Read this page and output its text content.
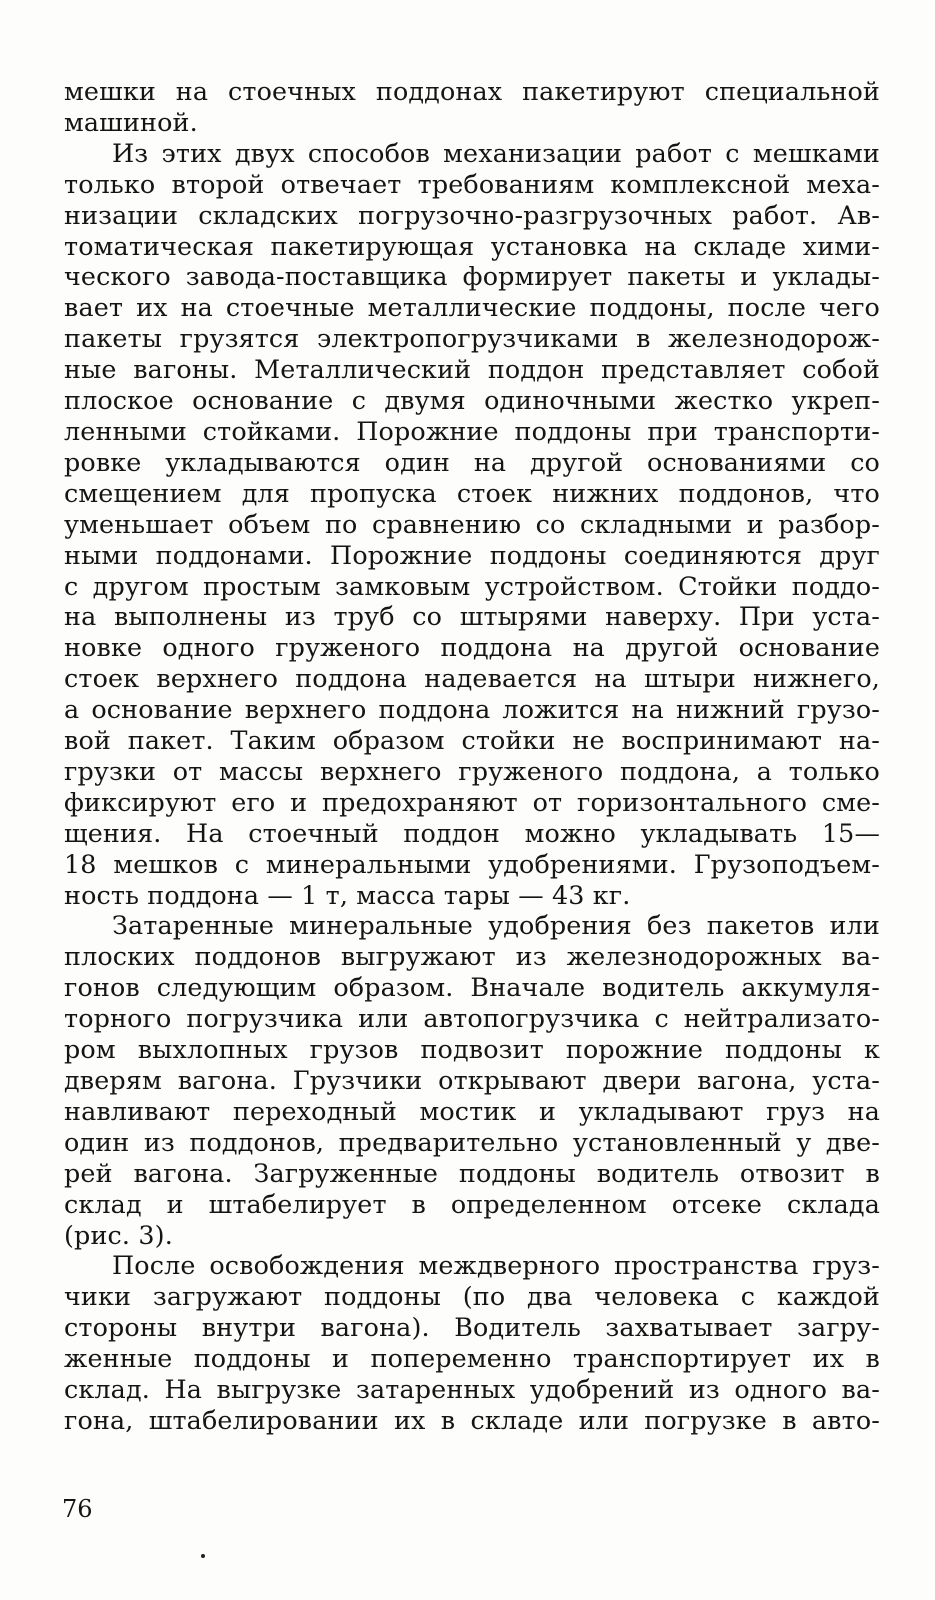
мешки на стоечных поддонах пакетируют специальной
машиной.
Из этих двух способов механизации работ с мешками
только второй отвечает требованиям комплексной меха-
низации складских погрузочно-разгрузочных работ. Ав-
томатическая пакетирующая установка на складе хими-
ческого завода-поставщика формирует пакеты и уклады-
вает их на стоечные металлические поддоны, после чего
пакеты грузятся электропогрузчиками в железнодорож-
ные вагоны. Металлический поддон представляет собой
плоское основание с двумя одиночными жестко укреп-
ленными стойками. Порожние поддоны при транспорти-
ровке укладываются один на другой основаниями со
смещением для пропуска стоек нижних поддонов, что
уменьшает объем по сравнению со складными и разбор-
ными поддонами. Порожние поддоны соединяются друг
с другом простым замковым устройством. Стойки поддо-
на выполнены из труб со штырями наверху. При уста-
новке одного груженого поддона на другой основание
стоек верхнего поддона надевается на штыри нижнего,
а основание верхнего поддона ложится на нижний грузо-
вой пакет. Таким образом стойки не воспринимают на-
грузки от массы верхнего груженого поддона, а только
фиксируют его и предохраняют от горизонтального сме-
щения. На стоечный поддон можно укладывать 15—
18 мешков с минеральными удобрениями. Грузоподъем-
ность поддона — 1 т, масса тары — 43 кг.
Затаренные минеральные удобрения без пакетов или
плоских поддонов выгружают из железнодорожных ва-
гонов следующим образом. Вначале водитель аккумуля-
торного погрузчика или автопогрузчика с нейтрализато-
ром выхлопных грузов подвозит порожние поддоны к
дверям вагона. Грузчики открывают двери вагона, уста-
навливают переходный мостик и укладывают груз на
один из поддонов, предварительно установленный у две-
рей вагона. Загруженные поддоны водитель отвозит в
склад и штабелирует в определенном отсеке склада
(рис. 3).
После освобождения междверного пространства груз-
чики загружают поддоны (по два человека с каждой
стороны внутри вагона). Водитель захватывает загру-
женные поддоны и попеременно транспортирует их в
склад. На выгрузке затаренных удобрений из одного ва-
гона, штабелировании их в складе или погрузке в авто-
76
